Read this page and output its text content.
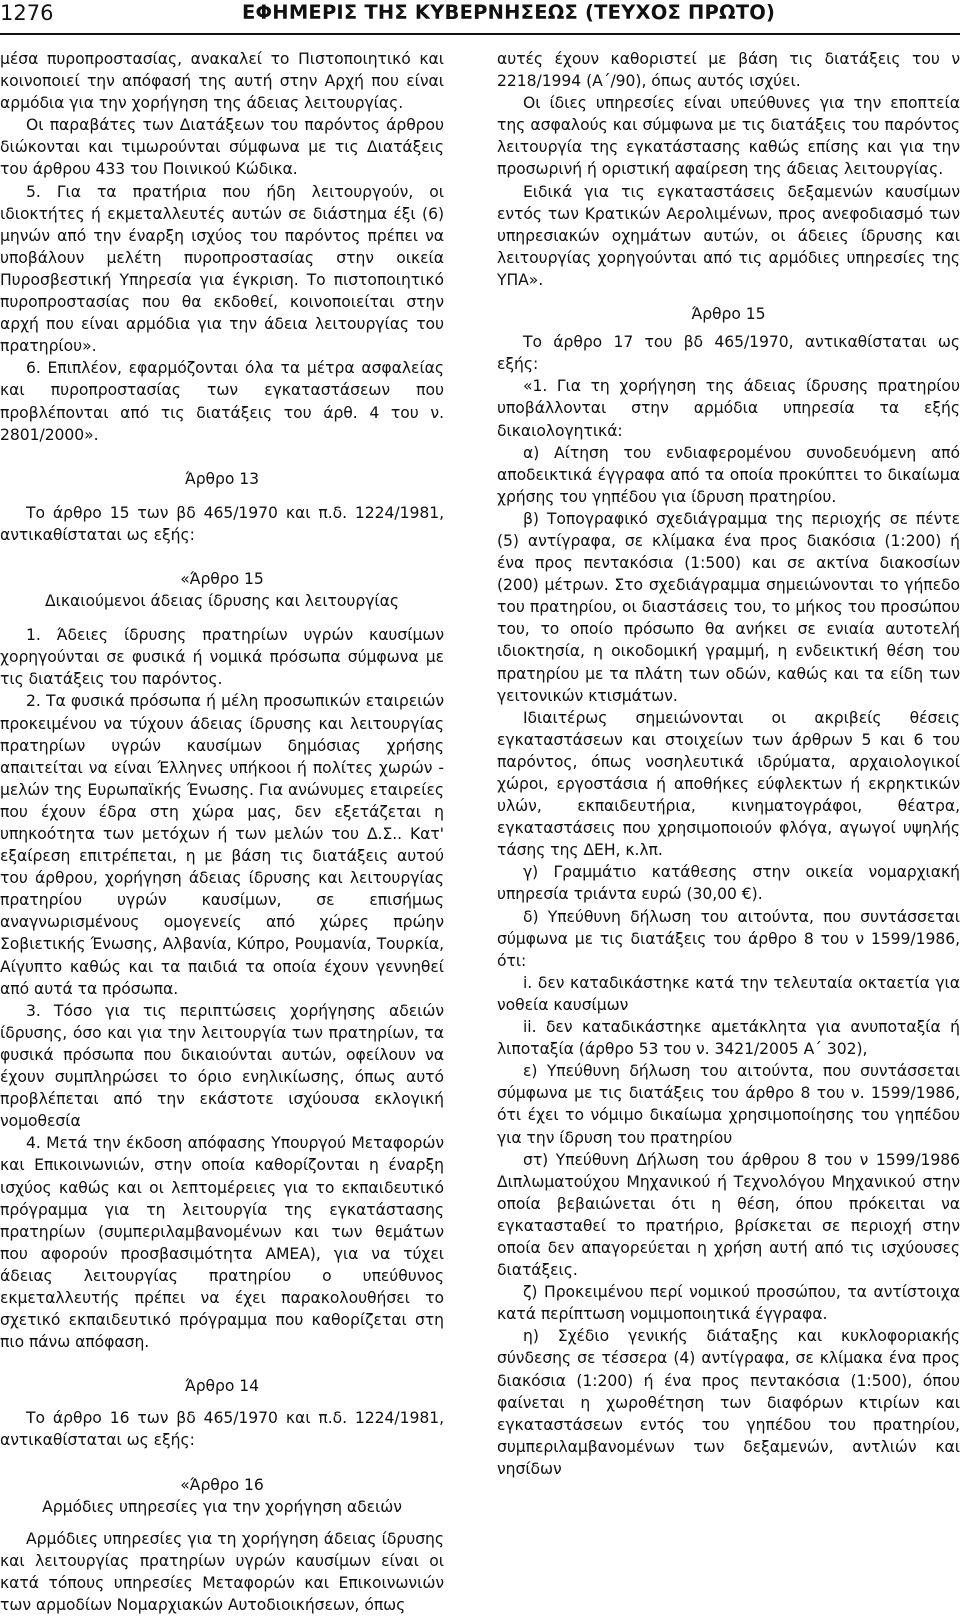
1276	ΕΦΗΜΕΡΙΣ ΤΗΣ ΚΥΒΕΡΝΗΣΕΩΣ (ΤΕΥΧΟΣ ΠΡΩΤΟ)

μέσα πυροπροστασίας, ανακαλεί το Πιστοποιητικό και κοινοποιεί την απόφασή της αυτή στην Αρχή που είναι αρμόδια για την χορήγηση της άδειας λειτουργίας.

Οι παραβάτες των Διατάξεων του παρόντος άρθρου διώκονται και τιμωρούνται σύμφωνα με τις Διατάξεις του άρθρου 433 του Ποινικού Κώδικα.

5. Για τα πρατήρια που ήδη λειτουργούν, οι ιδιοκτήτες ή εκμεταλλευτές αυτών σε διάστημα έξι (6) μηνών από την έναρξη ισχύος του παρόντος πρέπει να υποβάλουν μελέτη πυροπροστασίας στην οικεία Πυροσβεστική Υπηρεσία για έγκριση. Το πιστοποιητικό πυροπροστασίας που θα εκδοθεί, κοινοποιείται στην αρχή που είναι αρμόδια για την άδεια λειτουργίας του πρατηρίου».

6. Επιπλέον, εφαρμόζονται όλα τα μέτρα ασφαλείας και πυροπροστασίας των εγκαταστάσεων που προβλέπονται από τις διατάξεις του άρθ. 4 του ν. 2801/2000».

Άρθρο 13

Το άρθρο 15 των βδ 465/1970 και π.δ. 1224/1981, αντικαθίσταται ως εξής:

«Άρθρο 15

Δικαιούμενοι άδειας ίδρυσης και λειτουργίας

1. Άδειες ίδρυσης πρατηρίων υγρών καυσίμων χορηγούνται σε φυσικά ή νομικά πρόσωπα σύμφωνα με τις διατάξεις του παρόντος.

2. Τα φυσικά πρόσωπα ή μέλη προσωπικών εταιρειών προκειμένου να τύχουν άδειας ίδρυσης και λειτουργίας πρατηρίων υγρών καυσίμων δημόσιας χρήσης απαιτείται να είναι Έλληνες υπήκοοι ή πολίτες χωρών - μελών της Ευρωπαϊκής Ένωσης. Για ανώνυμες εταιρείες που έχουν έδρα στη χώρα μας, δεν εξετάζεται η υπηκοότητα των μετόχων ή των μελών του Δ.Σ.. Κατ' εξαίρεση επιτρέπεται, η με βάση τις διατάξεις αυτού του άρθρου, χορήγηση άδειας ίδρυσης και λειτουργίας πρατηρίου υγρών καυσίμων, σε επισήμως αναγνωρισμένους ομογενείς από χώρες πρώην Σοβιετικής Ένωσης, Αλβανία, Κύπρο, Ρουμανία, Τουρκία, Αίγυπτο καθώς και τα παιδιά τα οποία έχουν γεννηθεί από αυτά τα πρόσωπα.

3. Τόσο για τις περιπτώσεις χορήγησης αδειών ίδρυσης, όσο και για την λειτουργία των πρατηρίων, τα φυσικά πρόσωπα που δικαιούνται αυτών, οφείλουν να έχουν συμπληρώσει το όριο ενηλικίωσης, όπως αυτό προβλέπεται από την εκάστοτε ισχύουσα εκλογική νομοθεσία

4. Μετά την έκδοση απόφασης Υπουργού Μεταφορών και Επικοινωνιών, στην οποία καθορίζονται η έναρξη ισχύος καθώς και οι λεπτομέρειες για το εκπαιδευτικό πρόγραμμα για τη λειτουργία της εγκατάστασης πρατηρίων (συμπεριλαμβανομένων και των θεμάτων που αφορούν προσβασιμότητα ΑΜΕΑ), για να τύχει άδειας λειτουργίας πρατηρίου ο υπεύθυνος εκμεταλλευτής πρέπει να έχει παρακολουθήσει το σχετικό εκπαιδευτικό πρόγραμμα που καθορίζεται στη πιο πάνω απόφαση.

Άρθρο 14

Το άρθρο 16 των βδ 465/1970 και π.δ. 1224/1981, αντικαθίσταται ως εξής:

«Άρθρο 16

Αρμόδιες υπηρεσίες για την χορήγηση αδειών

Αρμόδιες υπηρεσίες για τη χορήγηση άδειας ίδρυσης και λειτουργίας πρατηρίων υγρών καυσίμων είναι οι κατά τόπους υπηρεσίες Μεταφορών και Επικοινωνιών των αρμοδίων Νομαρχιακών Αυτοδιοικήσεων, όπως

αυτές έχουν καθοριστεί με βάση τις διατάξεις του ν 2218/1994 (Α΄/90), όπως αυτός ισχύει.

Οι ίδιες υπηρεσίες είναι υπεύθυνες για την εποπτεία της ασφαλούς και σύμφωνα με τις διατάξεις του παρόντος λειτουργία της εγκατάστασης καθώς επίσης και για την προσωρινή ή οριστική αφαίρεση της άδειας λειτουργίας.

Ειδικά για τις εγκαταστάσεις δεξαμενών καυσίμων εντός των Κρατικών Αερολιμένων, προς ανεφοδιασμό των υπηρεσιακών οχημάτων αυτών, οι άδειες ίδρυσης και λειτουργίας χορηγούνται από τις αρμόδιες υπηρεσίες της ΥΠΑ».

Άρθρο 15

Το άρθρο 17 του βδ 465/1970, αντικαθίσταται ως εξής:

«1. Για τη χορήγηση της άδειας ίδρυσης πρατηρίου υποβάλλονται στην αρμόδια υπηρεσία τα εξής δικαιολογητικά:

α) Αίτηση του ενδιαφερομένου συνοδευόμενη από αποδεικτικά έγγραφα από τα οποία προκύπτει το δικαίωμα χρήσης του γηπέδου για ίδρυση πρατηρίου.

β) Τοπογραφικό σχεδιάγραμμα της περιοχής σε πέντε (5) αντίγραφα, σε κλίμακα ένα προς διακόσια (1:200) ή ένα προς πεντακόσια (1:500) και σε ακτίνα διακοσίων (200) μέτρων. Στο σχεδιάγραμμα σημειώνονται το γήπεδο του πρατηρίου, οι διαστάσεις του, το μήκος του προσώπου του, το οποίο πρόσωπο θα ανήκει σε ενιαία αυτοτελή ιδιοκτησία, η οικοδομική γραμμή, η ενδεικτική θέση του πρατηρίου με τα πλάτη των οδών, καθώς και τα είδη των γειτονικών κτισμάτων.

Ιδιαιτέρως σημειώνονται οι ακριβείς θέσεις εγκαταστάσεων και στοιχείων των άρθρων 5 και 6 του παρόντος, όπως νοσηλευτικά ιδρύματα, αρχαιολογικοί χώροι, εργοστάσια ή αποθήκες εύφλεκτων ή εκρηκτικών υλών, εκπαιδευτήρια, κινηματογράφοι, θέατρα, εγκαταστάσεις που χρησιμοποιούν φλόγα, αγωγοί υψηλής τάσης της ΔΕΗ, κ.λπ.

γ) Γραμμάτιο κατάθεσης στην οικεία νομαρχιακή υπηρεσία τριάντα ευρώ (30,00 €).

δ) Υπεύθυνη δήλωση του αιτούντα, που συντάσσεται σύμφωνα με τις διατάξεις του άρθρο 8 του ν 1599/1986, ότι:

i. δεν καταδικάστηκε κατά την τελευταία οκταετία για νοθεία καυσίμων

ii. δεν καταδικάστηκε αμετάκλητα για ανυποταξία ή λιποταξία (άρθρο 53 του ν. 3421/2005 Α΄ 302),

ε) Υπεύθυνη δήλωση του αιτούντα, που συντάσσεται σύμφωνα με τις διατάξεις του άρθρο 8 του ν. 1599/1986, ότι έχει το νόμιμο δικαίωμα χρησιμοποίησης του γηπέδου για την ίδρυση του πρατηρίου

στ) Υπεύθυνη Δήλωση του άρθρου 8 του ν 1599/1986 Διπλωματούχου Μηχανικού ή Τεχνολόγου Μηχανικού στην οποία βεβαιώνεται ότι η θέση, όπου πρόκειται να εγκατασταθεί το πρατήριο, βρίσκεται σε περιοχή στην οποία δεν απαγορεύεται η χρήση αυτή από τις ισχύουσες διατάξεις.

ζ) Προκειμένου περί νομικού προσώπου, τα αντίστοιχα κατά περίπτωση νομιμοποιητικά έγγραφα.

η) Σχέδιο γενικής διάταξης και κυκλοφοριακής σύνδεσης σε τέσσερα (4) αντίγραφα, σε κλίμακα ένα προς διακόσια (1:200) ή ένα προς πεντακόσια (1:500), όπου φαίνεται η χωροθέτηση των διαφόρων κτιρίων και εγκαταστάσεων εντός του γηπέδου του πρατηρίου, συμπεριλαμβανομένων των δεξαμενών, αντλιών και νησίδων
